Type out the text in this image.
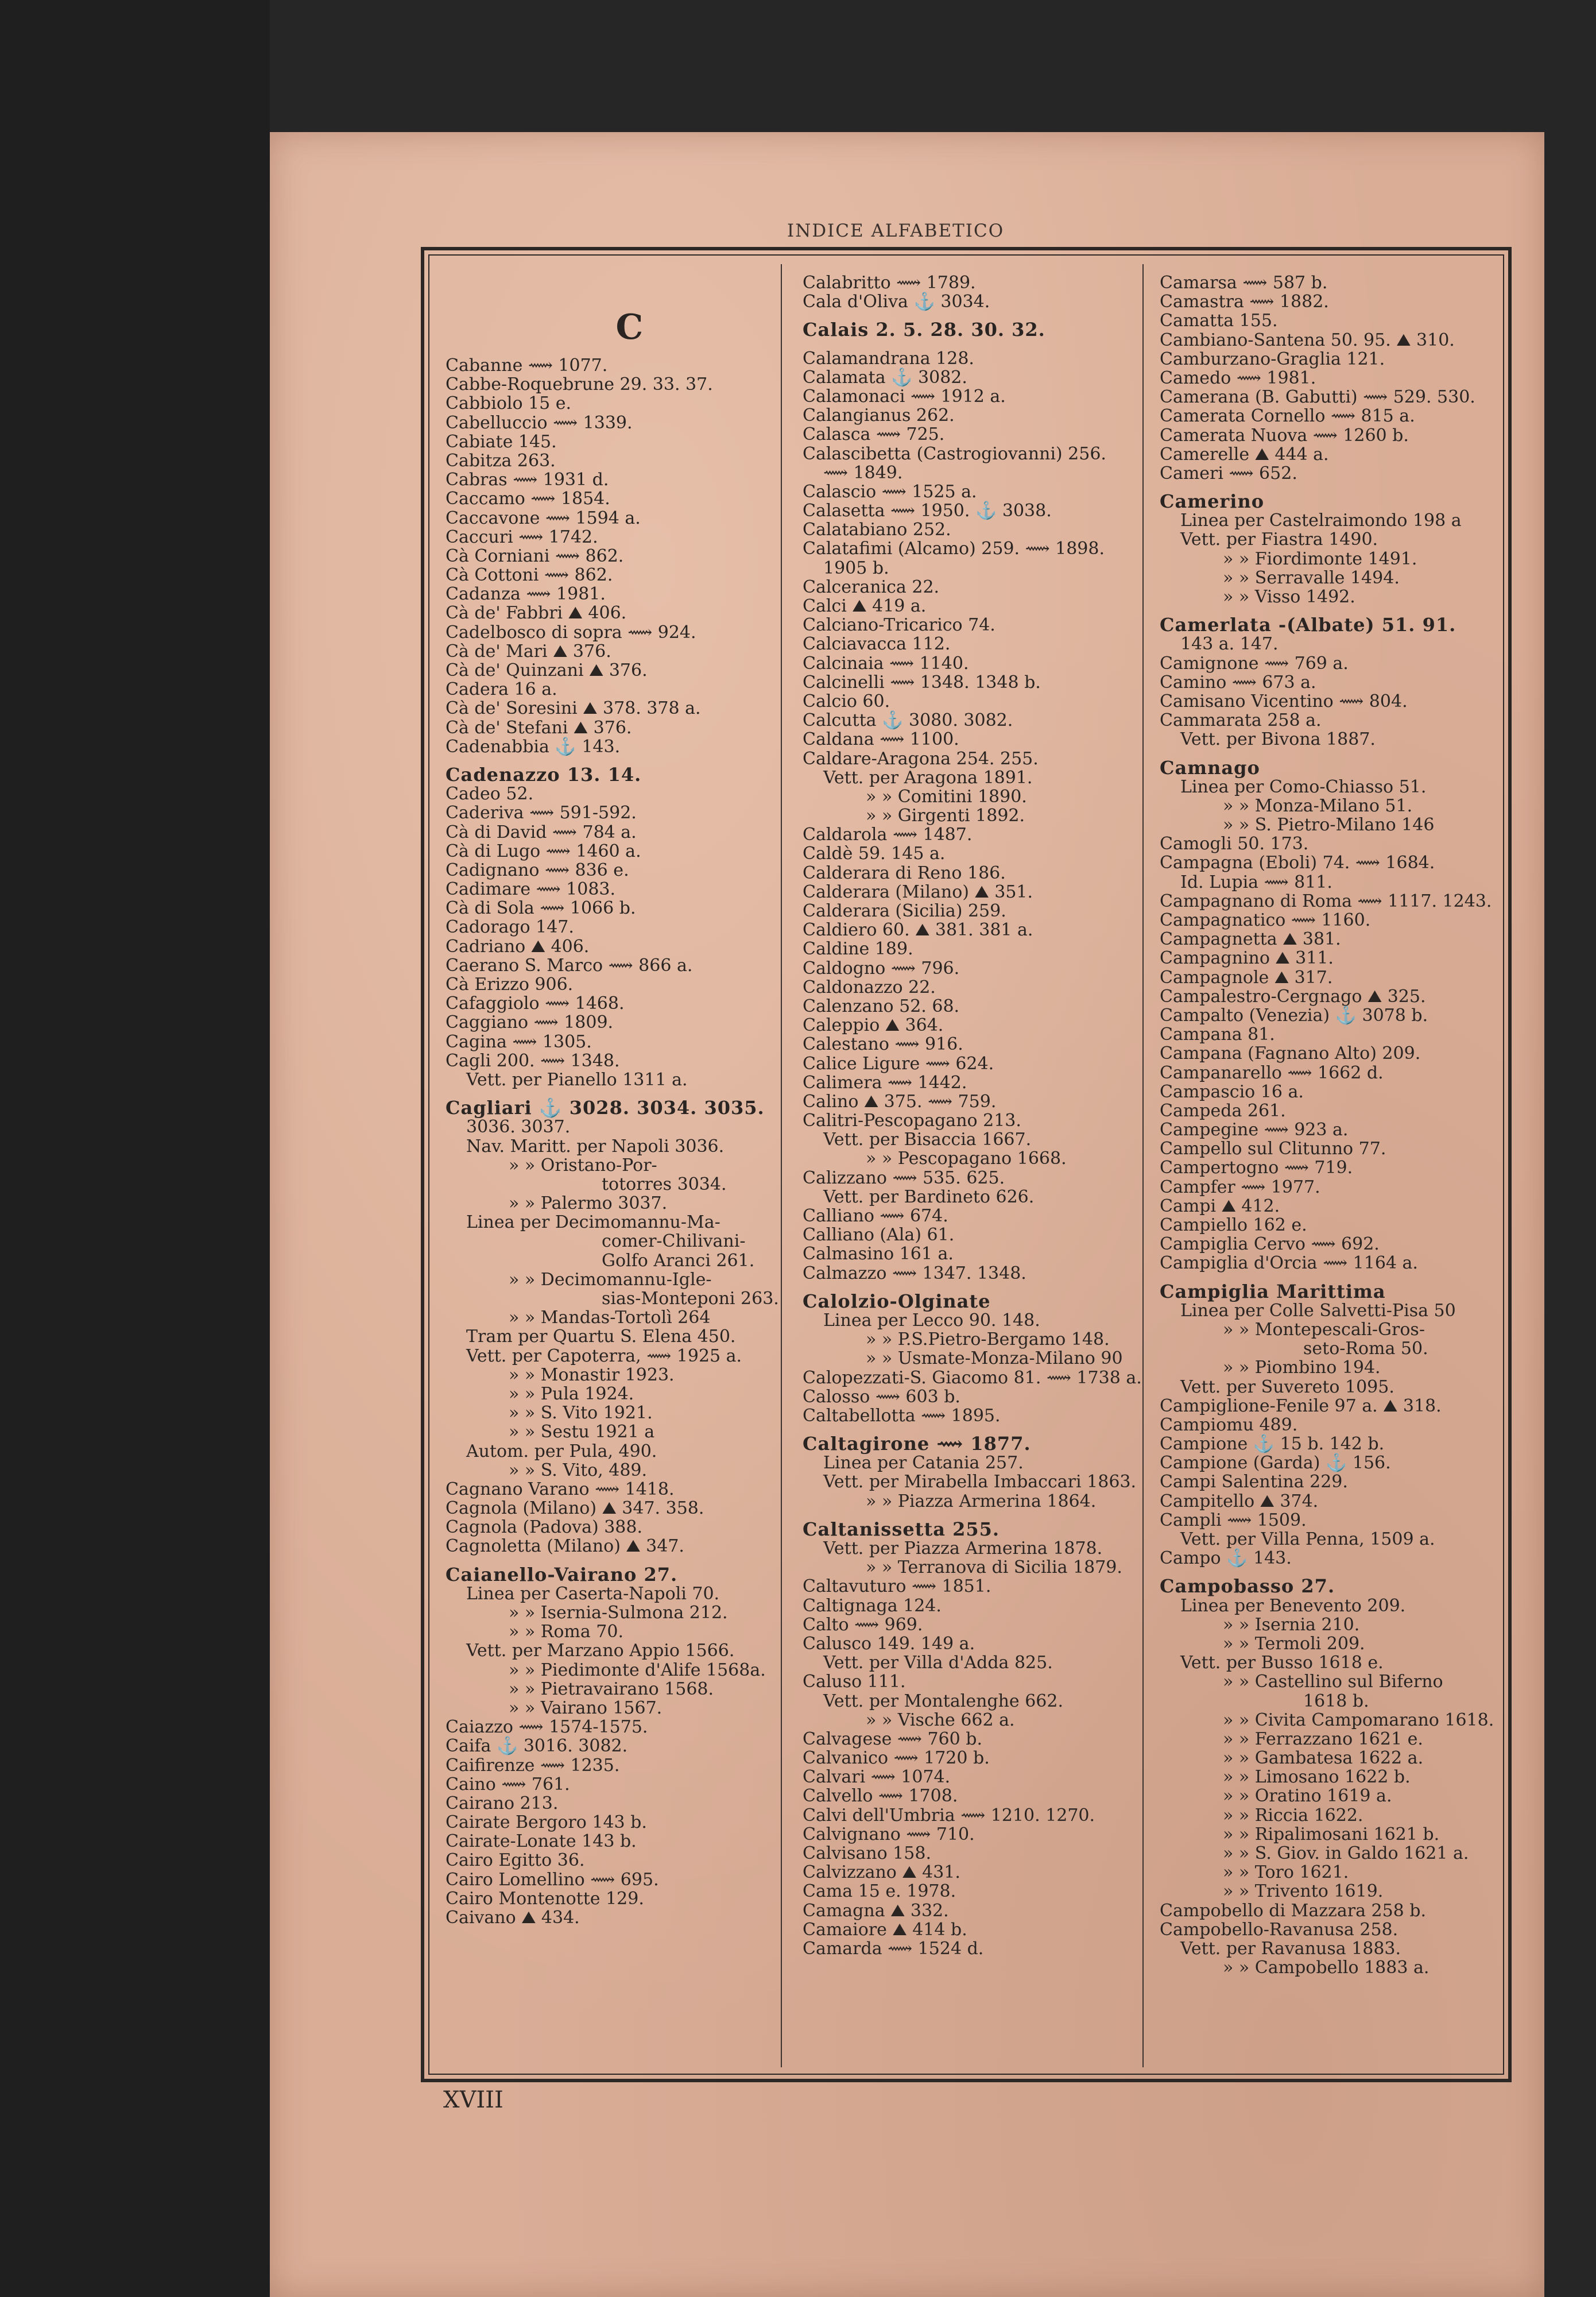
INDICE ALFABETICO
C
Cabanne ⟿ 1077.
Cabbe-Roquebrune 29. 33. 37.
Cabbiolo 15 e.
Cabelluccio ⟿ 1339.
Cabiate 145.
Cabitza 263.
Cabras ⟿ 1931 d.
Caccamo ⟿ 1854.
Caccavone ⟿ 1594 a.
Caccuri ⟿ 1742.
Cà Corniani ⟿ 862.
Cà Cottoni ⟿ 862.
Cadanza ⟿ 1981.
Cà de' Fabbri ⛰ 406.
Cadelbosco di sopra ⟿ 924.
Cà de' Mari ⛰ 376.
Cà de' Quinzani ⛰ 376.
Cadera 16 a.
Cà de' Soresini ⛰ 378. 378 a.
Cà de' Stefani ⛰ 376.
Cadenabbia ⚓ 143.
Cadenazzo 13. 14.
Cadeo 52.
Caderiva ⟿ 591-592.
Cà di David ⟿ 784 a.
Cà di Lugo ⟿ 1460 a.
Cadignano ⟿ 836 e.
Cadimare ⟿ 1083.
Cà di Sola ⟿ 1066 b.
Cadorago 147.
Cadriano ⛰ 406.
Caerano S. Marco ⟿ 866 a.
Cà Erizzo 906.
Cafaggiolo ⟿ 1468.
Caggiano ⟿ 1809.
Cagina ⟿ 1305.
Cagli 200. ⟿ 1348.
Vett. per Pianello 1311 a.
Cagliari ⚓ 3028. 3034. 3035.
3036. 3037.
Nav. Maritt. per Napoli 3036.
» » Oristano-Por-
totorres 3034.
» » Palermo 3037.
Linea per Decimomannu-Ma-
comer-Chilivani-
Golfo Aranci 261.
» » Decimomannu-Igle-
sias-Monteponi 263.
» » Mandas-Tortolì 264
Tram per Quartu S. Elena 450.
Vett. per Capoterra, ⟿ 1925 a.
» » Monastir 1923.
» » Pula 1924.
» » S. Vito 1921.
» » Sestu 1921 a
Autom. per Pula, 490.
» » S. Vito, 489.
Cagnano Varano ⟿ 1418.
Cagnola (Milano) ⛰ 347. 358.
Cagnola (Padova) 388.
Cagnoletta (Milano) ⛰ 347.
Caianello-Vairano 27.
Linea per Caserta-Napoli 70.
» » Isernia-Sulmona 212.
» » Roma 70.
Vett. per Marzano Appio 1566.
» » Piedimonte d'Alife 1568a.
» » Pietravairano 1568.
» » Vairano 1567.
Caiazzo ⟿ 1574-1575.
Caifa ⚓ 3016. 3082.
Caifirenze ⟿ 1235.
Caino ⟿ 761.
Cairano 213.
Cairate Bergoro 143 b.
Cairate-Lonate 143 b.
Cairo Egitto 36.
Cairo Lomellino ⟿ 695.
Cairo Montenotte 129.
Caivano ⛰ 434.
Calabritto ⟿ 1789.
Cala d'Oliva ⚓ 3034.
Calais 2. 5. 28. 30. 32.
Calamandrana 128.
Calamata ⚓ 3082.
Calamonaci ⟿ 1912 a.
Calangianus 262.
Calasca ⟿ 725.
Calascibetta (Castrogiovanni) 256.
⟿ 1849.
Calascio ⟿ 1525 a.
Calasetta ⟿ 1950. ⚓ 3038.
Calatabiano 252.
Calatafimi (Alcamo) 259. ⟿ 1898.
1905 b.
Calceranica 22.
Calci ⛰ 419 a.
Calciano-Tricarico 74.
Calciavacca 112.
Calcinaia ⟿ 1140.
Calcinelli ⟿ 1348. 1348 b.
Calcio 60.
Calcutta ⚓ 3080. 3082.
Caldana ⟿ 1100.
Caldare-Aragona 254. 255.
Vett. per Aragona 1891.
» » Comitini 1890.
» » Girgenti 1892.
Caldarola ⟿ 1487.
Caldè 59. 145 a.
Calderara di Reno 186.
Calderara (Milano) ⛰ 351.
Calderara (Sicilia) 259.
Caldiero 60. ⛰ 381. 381 a.
Caldine 189.
Caldogno ⟿ 796.
Caldonazzo 22.
Calenzano 52. 68.
Caleppio ⛰ 364.
Calestano ⟿ 916.
Calice Ligure ⟿ 624.
Calimera ⟿ 1442.
Calino ⛰ 375. ⟿ 759.
Calitri-Pescopagano 213.
Vett. per Bisaccia 1667.
» » Pescopagano 1668.
Calizzano ⟿ 535. 625.
Vett. per Bardineto 626.
Calliano ⟿ 674.
Calliano (Ala) 61.
Calmasino 161 a.
Calmazzo ⟿ 1347. 1348.
Calolzio-Olginate
Linea per Lecco 90. 148.
» » P.S.Pietro-Bergamo 148.
» » Usmate-Monza-Milano 90
Calopezzati-S. Giacomo 81. ⟿ 1738 a.
Calosso ⟿ 603 b.
Caltabellotta ⟿ 1895.
Caltagirone ⟿ 1877.
Linea per Catania 257.
Vett. per Mirabella Imbaccari 1863.
» » Piazza Armerina 1864.
Caltanissetta 255.
Vett. per Piazza Armerina 1878.
» » Terranova di Sicilia 1879.
Caltavuturo ⟿ 1851.
Caltignaga 124.
Calto ⟿ 969.
Calusco 149. 149 a.
Vett. per Villa d'Adda 825.
Caluso 111.
Vett. per Montalenghe 662.
» » Vische 662 a.
Calvagese ⟿ 760 b.
Calvanico ⟿ 1720 b.
Calvari ⟿ 1074.
Calvello ⟿ 1708.
Calvi dell'Umbria ⟿ 1210. 1270.
Calvignano ⟿ 710.
Calvisano 158.
Calvizzano ⛰ 431.
Cama 15 e. 1978.
Camagna ⛰ 332.
Camaiore ⛰ 414 b.
Camarda ⟿ 1524 d.
Camarsa ⟿ 587 b.
Camastra ⟿ 1882.
Camatta 155.
Cambiano-Santena 50. 95. ⛰ 310.
Camburzano-Graglia 121.
Camedo ⟿ 1981.
Camerana (B. Gabutti) ⟿ 529. 530.
Camerata Cornello ⟿ 815 a.
Camerata Nuova ⟿ 1260 b.
Camerelle ⛰ 444 a.
Cameri ⟿ 652.
Camerino
Linea per Castelraimondo 198 a
Vett. per Fiastra 1490.
» » Fiordimonte 1491.
» » Serravalle 1494.
» » Visso 1492.
Camerlata -(Albate) 51. 91.
143 a. 147.
Camignone ⟿ 769 a.
Camino ⟿ 673 a.
Camisano Vicentino ⟿ 804.
Cammarata 258 a.
Vett. per Bivona 1887.
Camnago
Linea per Como-Chiasso 51.
» » Monza-Milano 51.
» » S. Pietro-Milano 146
Camogli 50. 173.
Campagna (Eboli) 74. ⟿ 1684.
Id. Lupia ⟿ 811.
Campagnano di Roma ⟿ 1117. 1243.
Campagnatico ⟿ 1160.
Campagnetta ⛰ 381.
Campagnino ⛰ 311.
Campagnole ⛰ 317.
Campalestro-Cergnago ⛰ 325.
Campalto (Venezia) ⚓ 3078 b.
Campana 81.
Campana (Fagnano Alto) 209.
Campanarello ⟿ 1662 d.
Campascio 16 a.
Campeda 261.
Campegine ⟿ 923 a.
Campello sul Clitunno 77.
Campertogno ⟿ 719.
Campfer ⟿ 1977.
Campi ⛰ 412.
Campiello 162 e.
Campiglia Cervo ⟿ 692.
Campiglia d'Orcia ⟿ 1164 a.
Campiglia Marittima
Linea per Colle Salvetti-Pisa 50
» » Montepescali-Gros-
seto-Roma 50.
» » Piombino 194.
Vett. per Suvereto 1095.
Campiglione-Fenile 97 a. ⛰ 318.
Campiomu 489.
Campione ⚓ 15 b. 142 b.
Campione (Garda) ⚓ 156.
Campi Salentina 229.
Campitello ⛰ 374.
Campli ⟿ 1509.
Vett. per Villa Penna, 1509 a.
Campo ⚓ 143.
Campobasso 27.
Linea per Benevento 209.
» » Isernia 210.
» » Termoli 209.
Vett. per Busso 1618 e.
» » Castellino sul Biferno
1618 b.
» » Civita Campomarano 1618.
» » Ferrazzano 1621 e.
» » Gambatesa 1622 a.
» » Limosano 1622 b.
» » Oratino 1619 a.
» » Riccia 1622.
» » Ripalimosani 1621 b.
» » S. Giov. in Galdo 1621 a.
» » Toro 1621.
» » Trivento 1619.
Campobello di Mazzara 258 b.
Campobello-Ravanusa 258.
Vett. per Ravanusa 1883.
» » Campobello 1883 a.
XVIII
